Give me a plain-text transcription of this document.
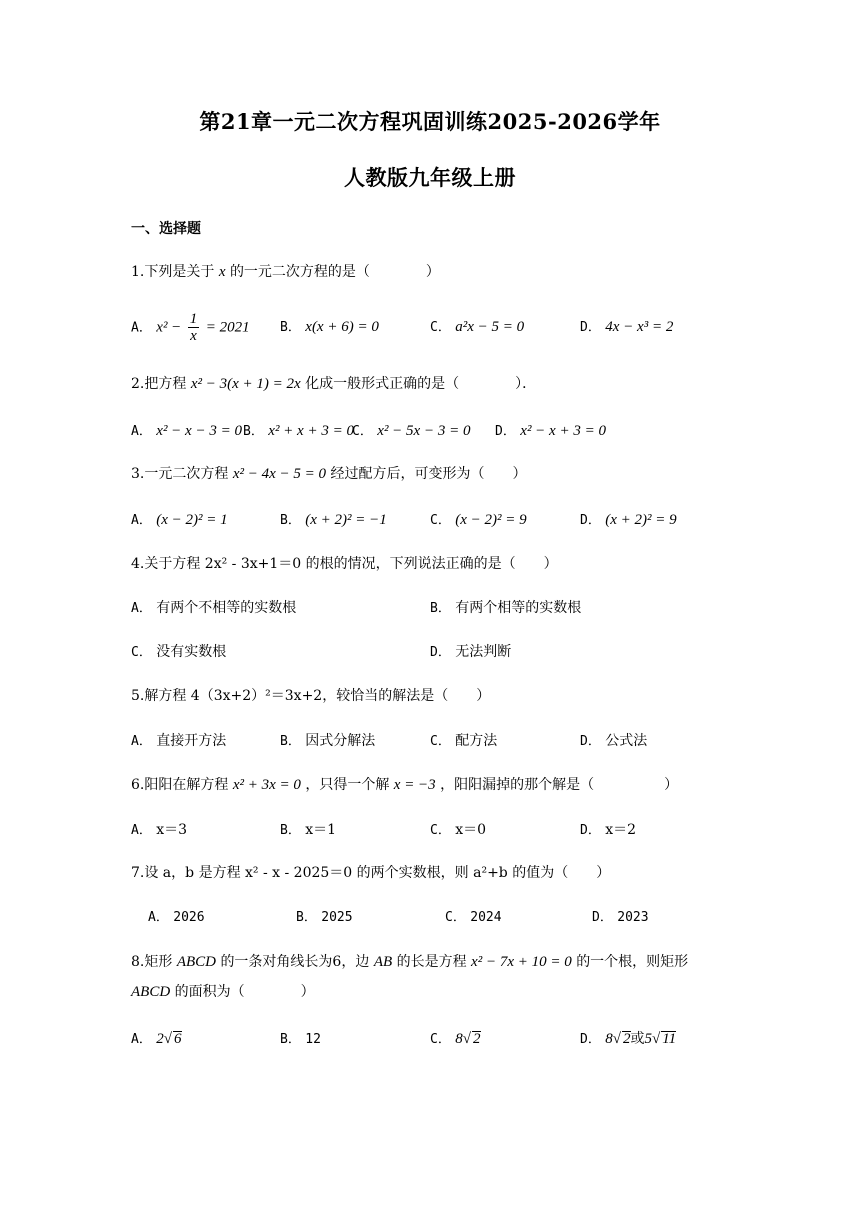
第21章一元二次方程巩固训练2025-2026学年
人教版九年级上册
一、选择题
1.下列是关于 x 的一元二次方程的是（　　　　）
A． $x^2 - \frac{1}{x} = 2021$ B． x(x + 6) = 0	C． a²x − 5 = 0	D． 4x − x³ = 2
2.把方程 x² − 3(x + 1) = 2x 化成一般形式正确的是（　　　　）．
A． x² − x − 3 = 0 B． x² + x + 3 = 0
C． x² − 5x − 3 = 0 D． x² − x + 3 = 0
3.一元二次方程 x² − 4x − 5 = 0 经过配方后，可变形为（　　）
A． (x − 2)² = 1	B． (x + 2)² = −1	C． (x − 2)² = 9	D． (x + 2)² = 9
4.关于方程 2x² - 3x+1＝0 的根的情况，下列说法正确的是（　　）
A． 有两个不相等的实数根	B． 有两个相等的实数根
C． 没有实数根	D． 无法判断
5.解方程 4（3x+2）²＝3x+2，较恰当的解法是（　　）
A． 直接开方法	B． 因式分解法	C． 配方法	D． 公式法
6.阳阳在解方程 x² + 3x = 0 ，只得一个解 x = −3 ，阳阳漏掉的那个解是（　　　　　）
A． x＝3	B． x＝1	C． x＝0	D． x＝2
7.设 a，b 是方程 x² - x - 2025＝0 的两个实数根，则 a²+b 的值为（　　）
A． 2026	B． 2025	C． 2024	D． 2023
8.矩形 ABCD 的一条对角线长为6，边 AB 的长是方程 x² − 7x + 10 = 0 的一个根，则矩形
ABCD 的面积为（　　　　）
A． 2√ 6	B． 12	C． 8√ 2	D． 8√ 2或5√ 11
